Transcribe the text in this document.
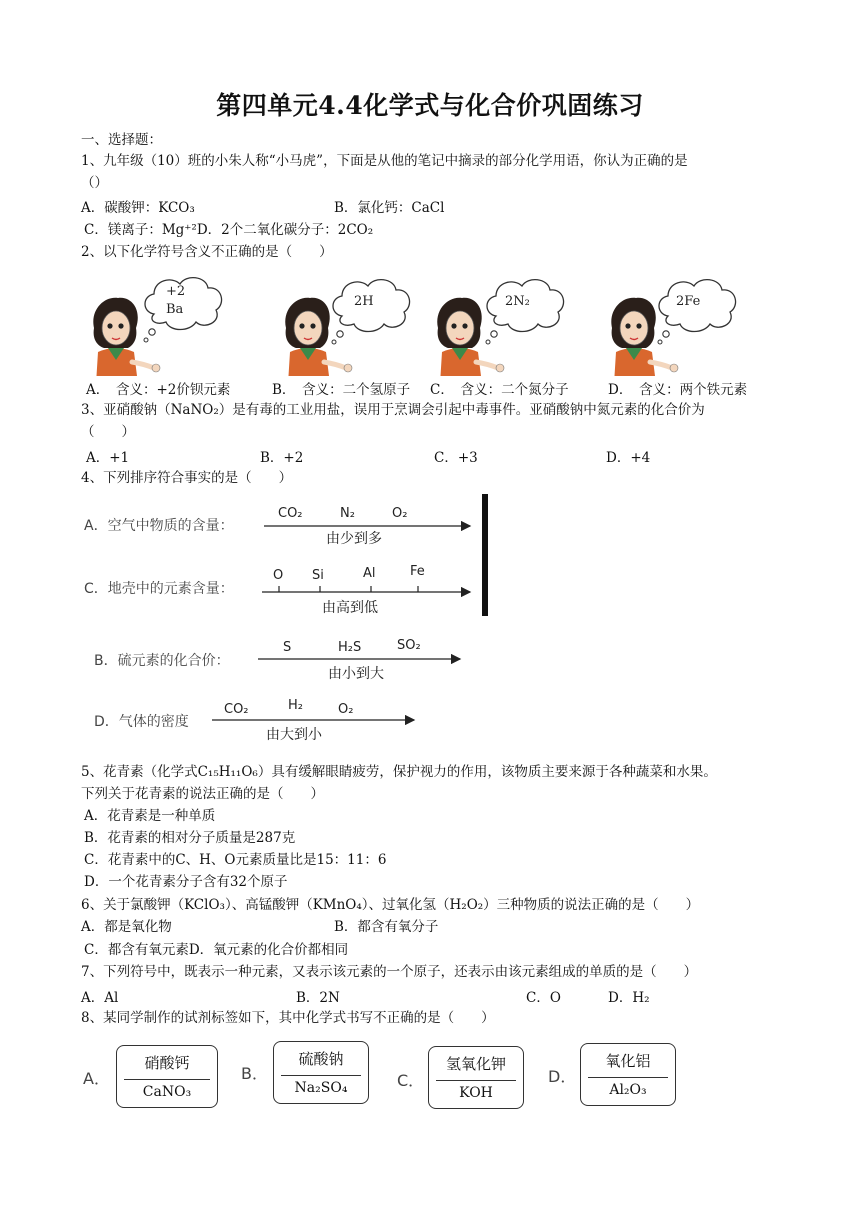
第四单元4.4化学式与化合价巩固练习
一、选择题：
1、九年级（10）班的小朱人称“小马虎”，下面是从他的笔记中摘录的部分化学用语，你认为正确的是
（）
A．碳酸钾：KCO₃	B．氯化钙：CaCl
C．镁离子：Mg⁺²D．2个二氧化碳分子：2CO₂
2、以下化学符号含义不正确的是（　　）
+2
Ba
2H	2N₂	2Fe
A．　含义：+2价钡元素	B．　含义：二个氢原子 C．　含义：二个氮分子	D．　含义：两个铁元素
3、亚硝酸钠（NaNO₂）是有毒的工业用盐，误用于烹调会引起中毒事件。亚硝酸钠中氮元素的化合价为
（　　）
A．+1	B．+2	C．+3	D．+4
4、下列排序符合事实的是（　　）
A．空气中物质的含量：
CO₂	N₂	O₂
由少到多
C．地壳中的元素含量：
O Si	Al	Fe
由高到低
B．硫元素的化合价：
S	H₂S	SO₂
由小到大
D．气体的密度
CO₂	H₂	O₂
由大到小
5、花青素（化学式C₁₅H₁₁O₆）具有缓解眼睛疲劳，保护视力的作用，该物质主要来源于各种蔬菜和水果。
下列关于花青素的说法正确的是（　　）
A．花青素是一种单质
B．花青素的相对分子质量是287克
C．花青素中的C、H、O元素质量比是15：11：6
D．一个花青素分子含有32个原子
6、关于氯酸钾（KClO₃）、高锰酸钾（KMnO₄）、过氧化氢（H₂O₂）三种物质的说法正确的是（　　）
A．都是氧化物	B．都含有氧分子
C．都含有氧元素D．氧元素的化合价都相同
7、下列符号中，既表示一种元素，又表示该元素的一个原子，还表示由该元素组成的单质的是（　　）
A．Al	B．2N	C．O	D．H₂
8、某同学制作的试剂标签如下，其中化学式书写不正确的是（　　）
A．
硝酸钙
CaNO₃
B．
硫酸钠
Na₂SO₄	C．
氢氧化钾
KOH
D．
氧化铝
Al₂O₃
